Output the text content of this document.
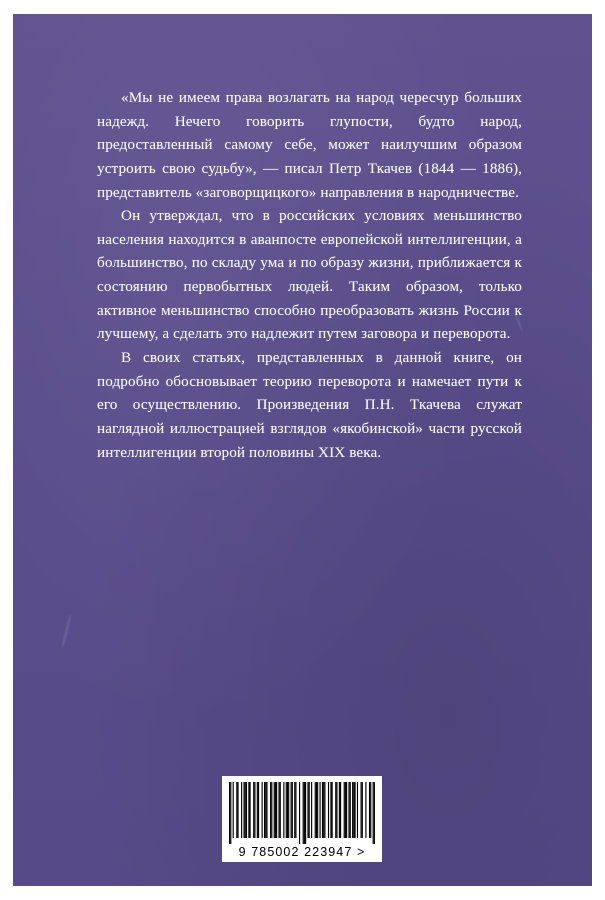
«Мы не имеем права возлагать на народ чересчур больших надежд. Нечего говорить глупости, будто народ, предоставленный самому себе, может наилучшим образом устроить свою судьбу», — писал Петр Ткачев (1844 — 1886), представитель «заговорщицкого» направления в народничестве.

Он утверждал, что в российских условиях меньшинство населения находится в аванпосте европейской интеллигенции, а большинство, по складу ума и по образу жизни, приближается к состоянию первобытных людей. Таким образом, только активное меньшинство способно преобразовать жизнь России к лучшему, а сделать это надлежит путем заговора и переворота.

В своих статьях, представленных в данной книге, он подробно обосновывает теорию переворота и намечает пути к его осуществлению. Произведения П.Н. Ткачева служат наглядной иллюстрацией взглядов «якобинской» части русской интеллигенции второй половины XIX века.

9 785002 223947 >
